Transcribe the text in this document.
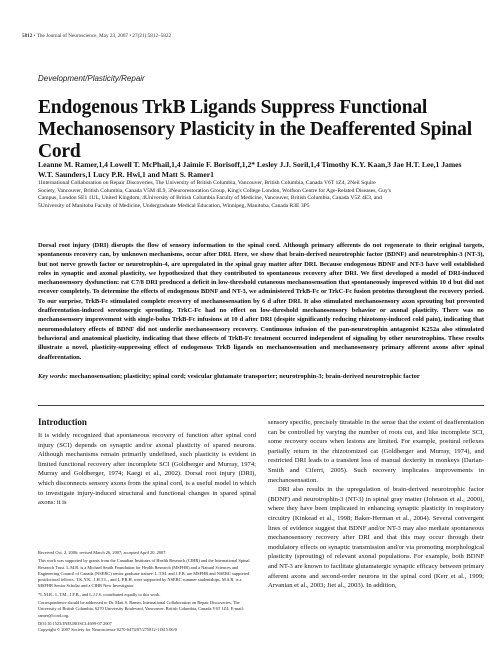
5812 • The Journal of Neuroscience, May 23, 2007 • 27(21):5812–5822
Development/Plasticity/Repair
Endogenous TrkB Ligands Suppress Functional Mechanosensory Plasticity in the Deafferented Spinal Cord
Leanne M. Ramer,1,4 Lowell T. McPhail,1,4 Jaimie F. Borisoff,1,2* Lesley J.J. Soril,1,4 Timothy K.Y. Kaan,3 Jae H.T. Lee,1 James W.T. Saunders,1 Lucy P.R. Hwi,1 and Matt S. Ramer1
1International Collaboration on Repair Discoveries, The University of British Columbia, Vancouver, British Columbia, Canada V6T 1Z4, 2Neil Squire
Society, Vancouver, British Columbia, Canada V5M 4L9, 3Neurorestoration Group, King's College London, Wolfson Centre for Age-Related Diseases, Guy's
Campus, London SE1 1UL, United Kingdom, 4University of British Columbia Faculty of Medicine, Vancouver, British Columbia, Canada V5Z 4E3, and
5University of Manitoba Faculty of Medicine, Undergraduate Medical Education, Winnipeg, Manitoba, Canada R3E 3P5

Dorsal root injury (DRI) disrupts the flow of sensory information to the spinal cord. Although primary afferents do not regenerate to their original targets, spontaneous recovery can, by unknown mechanisms, occur after DRI. Here, we show that brain-derived neurotrophic factor (BDNF) and neurotrophin-3 (NT-3), but not nerve growth factor or neurotrophin-4, are upregulated in the spinal gray matter after DRI. Because endogenous BDNF and NT-3 have well established roles in synaptic and axonal plasticity, we hypothesized that they contributed to spontaneous recovery after DRI. We first developed a model of DRI-induced mechanosensory dysfunction: rat C7/8 DRI produced a deficit in low-threshold cutaneous mechanosensation that spontaneously improved within 10 d but did not recover completely. To determine the effects of endogenous BDNF and NT-3, we administered TrkB-Fc or TrkC-Fc fusion proteins throughout the recovery period. To our surprise, TrkB-Fc stimulated complete recovery of mechanosensation by 6 d after DRI. It also stimulated mechanosensory axon sprouting but prevented deafferentation-induced serotonergic sprouting. TrkC-Fc had no effect on low-threshold mechanosensory behavior or axonal plasticity. There was no mechanosensory improvement with single-bolus TrkB-Fc infusions at 10 d after DRI (despite significantly reducing rhizotomy-induced cold pain), indicating that neuromodulatory effects of BDNF did not underlie mechanosensory recovery. Continuous infusion of the pan-neurotrophin antagonist K252a also stimulated behavioral and anatomical plasticity, indicating that these effects of TrkB-Fc treatment occurred independent of signaling by other neurotrophins. These results illustrate a novel, plasticity-suppressing effect of endogenous TrkB ligands on mechanosensation and mechanosensory primary afferent axons after spinal deafferentation.

Key words: mechanosensation; plasticity; spinal cord; vesicular glutamate transporter; neurotrophin-3; brain-derived neurotrophic factor
Introduction

It is widely recognized that spontaneous recovery of function after spinal cord injury (SCI) depends on synaptic and/or axonal plasticity of spared neurons. Although mechanisms remain primarily undefined, such plasticity is evident in limited functional recovery after incomplete SCI (Goldberger and Murray, 1974; Murray and Goldberger, 1974; Kaegi et al., 2002). Dorsal root injury (DRI), which disconnects sensory axons from the spinal cord, is a useful model in which to investigate injury-induced structural and functional changes in spared spinal axons: it is

Received Oct. 2, 2006; revised March 26, 2007; accepted April 20, 2007.

This work was supported by grants from the Canadian Institutes of Health Research (CIHR) and the International Spinal Research Trust. L.M.R. is a Michael Smith Foundation for Health Research (MSFHR) and a Natural Sciences and Engineering Council of Canada (NSERC) senior graduate trainee. L.T.M. and J.F.B. are MSFHR and NSERC supported postdoctoral fellows. T.K.Y.K., J.H.T.L., and L.P.R.H. were supported by NSERC summer studentships. M.S.R. is a MSFHR Senior Scholar and a CIHR New Investigator.

*L.M.R., L.T.M., J.F.B., and L.J.J.S. contributed equally to this work.

Correspondence should be addressed to Dr. Matt S. Ramer, International Collaboration on Repair Discoveries, The University of British Columbia, 6270 University Boulevard, Vancouver, British Columbia, Canada V6T 1Z4. E-mail: ramer@icord.org.

DOI:10.1523/JNEUROSCI.4699-07.2007

Copyright © 2007 Society for Neuroscience 0270-6474/07/275812-11$15.00/0

sensory specific, precisely titratable in the sense that the extent of deafferentation can be controlled by varying the number of roots cut, and like incomplete SCI, some recovery occurs when lesions are limited. For example, postural reflexes partially return in the rhizotomized cat (Goldberger and Murray, 1974), and restricted DRI leads to a transient loss of manual dexterity in monkeys (Darian-Smith and Ciferri, 2005). Such recovery implicates improvements in mechanosensation.

DRI also results in the upregulation of brain-derived neurotrophic factor (BDNF) and neurotrophin-3 (NT-3) in spinal gray matter (Johnson et al., 2000), where they have been implicated in enhancing synaptic plasticity in respiratory circuitry (Kinkead et al., 1998; Baker-Herman et al., 2004). Several convergent lines of evidence suggest that BDNF and/or NT-3 may also mediate spontaneous mechanosensory recovery after DRI and that this may occur through their modulatory effects on synaptic transmission and/or via promoting morphological plasticity (sprouting) of relevant axonal populations. For example, both BDNF and NT-3 are known to facilitate glutamatergic synaptic efficacy between primary afferent axons and second-order neurons in the spinal cord (Kerr et al., 1999; Arvanian et al., 2003; Jiet al., 2003). In addition,
